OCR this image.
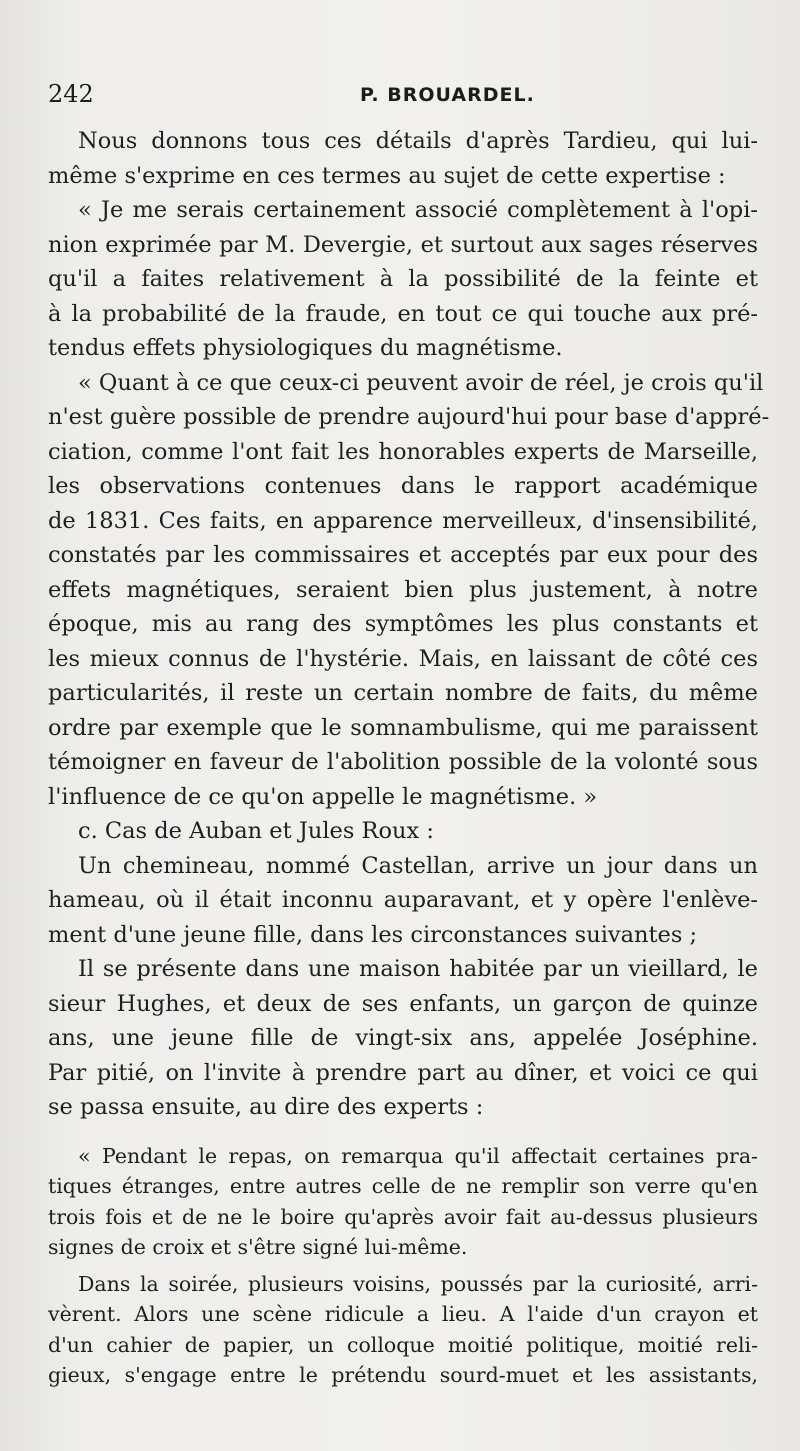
242	P. BROUARDEL.
Nous donnons tous ces détails d'après Tardieu, qui lui-
même s'exprime en ces termes au sujet de cette expertise :
« Je me serais certainement associé complètement à l'opi-
nion exprimée par M. Devergie, et surtout aux sages réserves
qu'il a faites relativement à la possibilité de la feinte et
à la probabilité de la fraude, en tout ce qui touche aux pré-
tendus effets physiologiques du magnétisme.
« Quant à ce que ceux-ci peuvent avoir de réel, je crois qu'il
n'est guère possible de prendre aujourd'hui pour base d'appré-
ciation, comme l'ont fait les honorables experts de Marseille,
les observations contenues dans le rapport académique
de 1831. Ces faits, en apparence merveilleux, d'insensibilité,
constatés par les commissaires et acceptés par eux pour des
effets magnétiques, seraient bien plus justement, à notre
époque, mis au rang des symptômes les plus constants et
les mieux connus de l'hystérie. Mais, en laissant de côté ces
particularités, il reste un certain nombre de faits, du même
ordre par exemple que le somnambulisme, qui me paraissent
témoigner en faveur de l'abolition possible de la volonté sous
l'influence de ce qu'on appelle le magnétisme. »
c. Cas de Auban et Jules Roux :
Un chemineau, nommé Castellan, arrive un jour dans un
hameau, où il était inconnu auparavant, et y opère l'enlève-
ment d'une jeune fille, dans les circonstances suivantes ;
Il se présente dans une maison habitée par un vieillard, le
sieur Hughes, et deux de ses enfants, un garçon de quinze
ans, une jeune fille de vingt-six ans, appelée Joséphine.
Par pitié, on l'invite à prendre part au dîner, et voici ce qui
se passa ensuite, au dire des experts :
« Pendant le repas, on remarqua qu'il affectait certaines pra-
tiques étranges, entre autres celle de ne remplir son verre qu'en
trois fois et de ne le boire qu'après avoir fait au-dessus plusieurs
signes de croix et s'être signé lui-même.
Dans la soirée, plusieurs voisins, poussés par la curiosité, arri-
vèrent. Alors une scène ridicule a lieu. A l'aide d'un crayon et
d'un cahier de papier, un colloque moitié politique, moitié reli-
gieux, s'engage entre le prétendu sourd-muet et les assistants,
